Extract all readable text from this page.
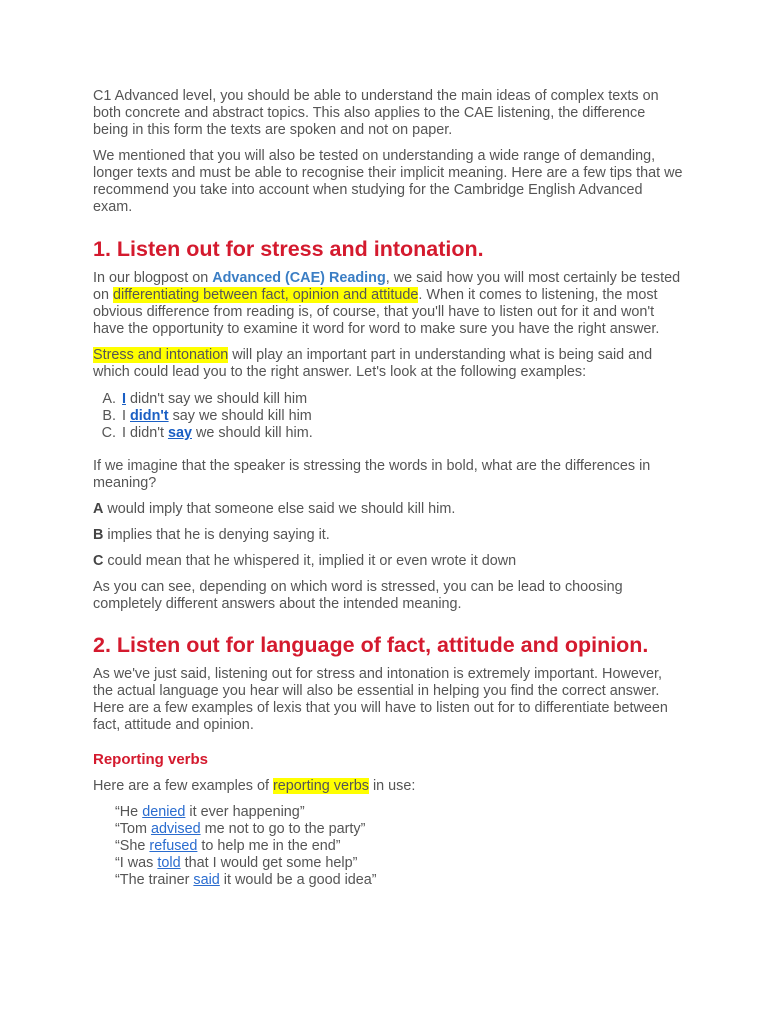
C1 Advanced level, you should be able to understand the main ideas of complex texts on both concrete and abstract topics. This also applies to the CAE listening, the difference being in this form the texts are spoken and not on paper.

We mentioned that you will also be tested on understanding a wide range of demanding, longer texts and must be able to recognise their implicit meaning. Here are a few tips that we recommend you take into account when studying for the Cambridge English Advanced exam.

1. Listen out for stress and intonation.

In our blogpost on Advanced (CAE) Reading, we said how you will most certainly be tested on differentiating between fact, opinion and attitude. When it comes to listening, the most obvious difference from reading is, of course, that you'll have to listen out for it and won't have the opportunity to examine it word for word to make sure you have the right answer.

Stress and intonation will play an important part in understanding what is being said and which could lead you to the right answer. Let's look at the following examples:

A. I didn't say we should kill him
B. I didn't say we should kill him
C. I didn't say we should kill him.

If we imagine that the speaker is stressing the words in bold, what are the differences in meaning?

A would imply that someone else said we should kill him.

B implies that he is denying saying it.

C could mean that he whispered it, implied it or even wrote it down

As you can see, depending on which word is stressed, you can be lead to choosing completely different answers about the intended meaning.

2. Listen out for language of fact, attitude and opinion.

As we've just said, listening out for stress and intonation is extremely important. However, the actual language you hear will also be essential in helping you find the correct answer. Here are a few examples of lexis that you will have to listen out for to differentiate between fact, attitude and opinion.

Reporting verbs

Here are a few examples of reporting verbs in use:

“He denied it ever happening”
“Tom advised me not to go to the party”
“She refused to help me in the end”
“I was told that I would get some help”
“The trainer said it would be a good idea”
